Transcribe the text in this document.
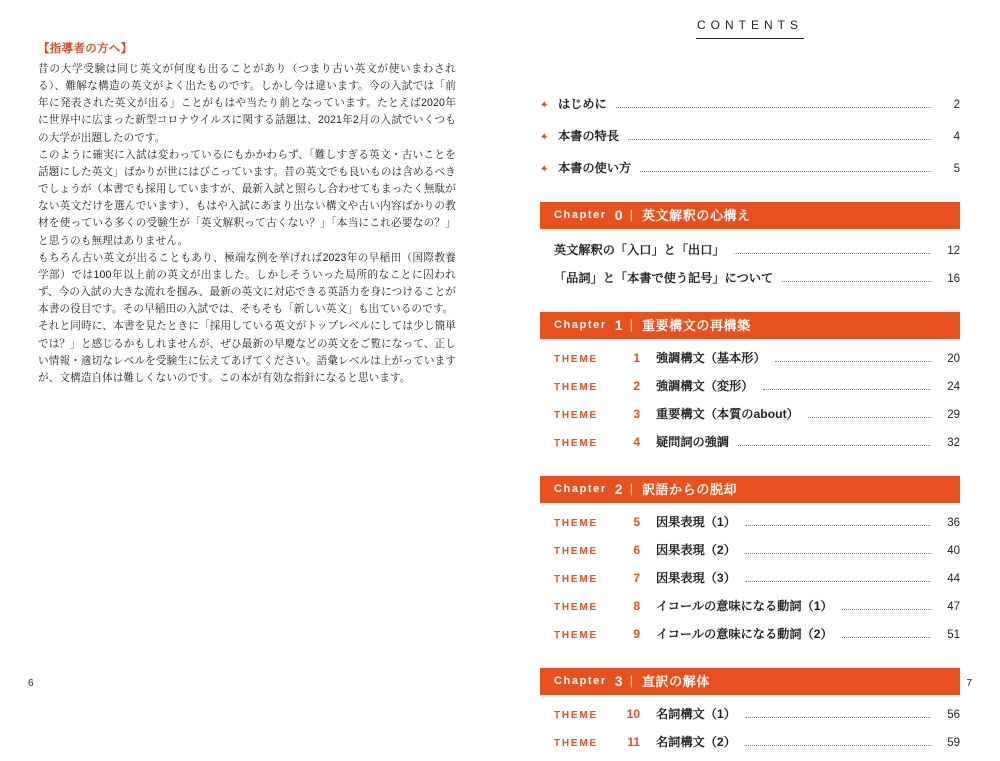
【指導者の方へ】

昔の大学受験は同じ英文が何度も出ることがあり（つまり古い英文が使いまわされる）、難解な構造の英文がよく出たものです。しかし今は違います。今の入試では「前年に発表された英文が出る」ことがもはや当たり前となっています。たとえば2020年に世界中に広まった新型コロナウイルスに関する話題は、2021年2月の入試でいくつもの大学が出題したのです。

このように確実に入試は変わっているにもかかわらず、「難しすぎる英文・古いことを話題にした英文」ばかりが世にはびこっています。昔の英文でも良いものは含めるべきでしょうが（本書でも採用していますが、最新入試と照らし合わせてもまったく無駄がない英文だけを選んでいます）、もはや入試にあまり出ない構文や古い内容ばかりの教材を使っている多くの受験生が「英文解釈って古くない？」「本当にこれ必要なの？」と思うのも無理はありません。

もちろん古い英文が出ることもあり、極端な例を挙げれば2023年の早稲田（国際教養学部）では100年以上前の英文が出ました。しかしそういった局所的なことに囚われず、今の入試の大きな流れを掴み、最新の英文に対応できる英語力を身につけることが本書の役目です。その早稲田の入試では、そもそも「新しい英文」も出ているのです。

それと同時に、本書を見たときに「採用している英文がトップレベルにしては少し簡単では？」と感じるかもしれませんが、ぜひ最新の早慶などの英文をご覧になって、正しい情報・適切なレベルを受験生に伝えてあげてください。語彙レベルは上がっていますが、文構造自体は難しくないのです。この本が有効な指針になると思います。

6
CONTENTS
✦ はじめに	2
✦ 本書の特長	4
✦ 本書の使い方	5
Chapter 0 | 英文解釈の心構え
英文解釈の「入口」と「出口」	12
「品詞」と「本書で使う記号」について	16
Chapter 1 | 重要構文の再構築
THEME	1 強調構文（基本形）	20
THEME	2 強調構文（変形）	24
THEME	3 重要構文（本質のabout）	29
THEME	4 疑問詞の強調	32
Chapter 2 | 訳語からの脱却
THEME	5 因果表現（1）	36
THEME	6 因果表現（2）	40
THEME	7 因果表現（3）	44
THEME	8 イコールの意味になる動詞（1）	47
THEME	9 イコールの意味になる動詞（2）	51
Chapter 3 | 直訳の解体
THEME	10 名詞構文（1）	56
THEME	11 名詞構文（2）	59
7
